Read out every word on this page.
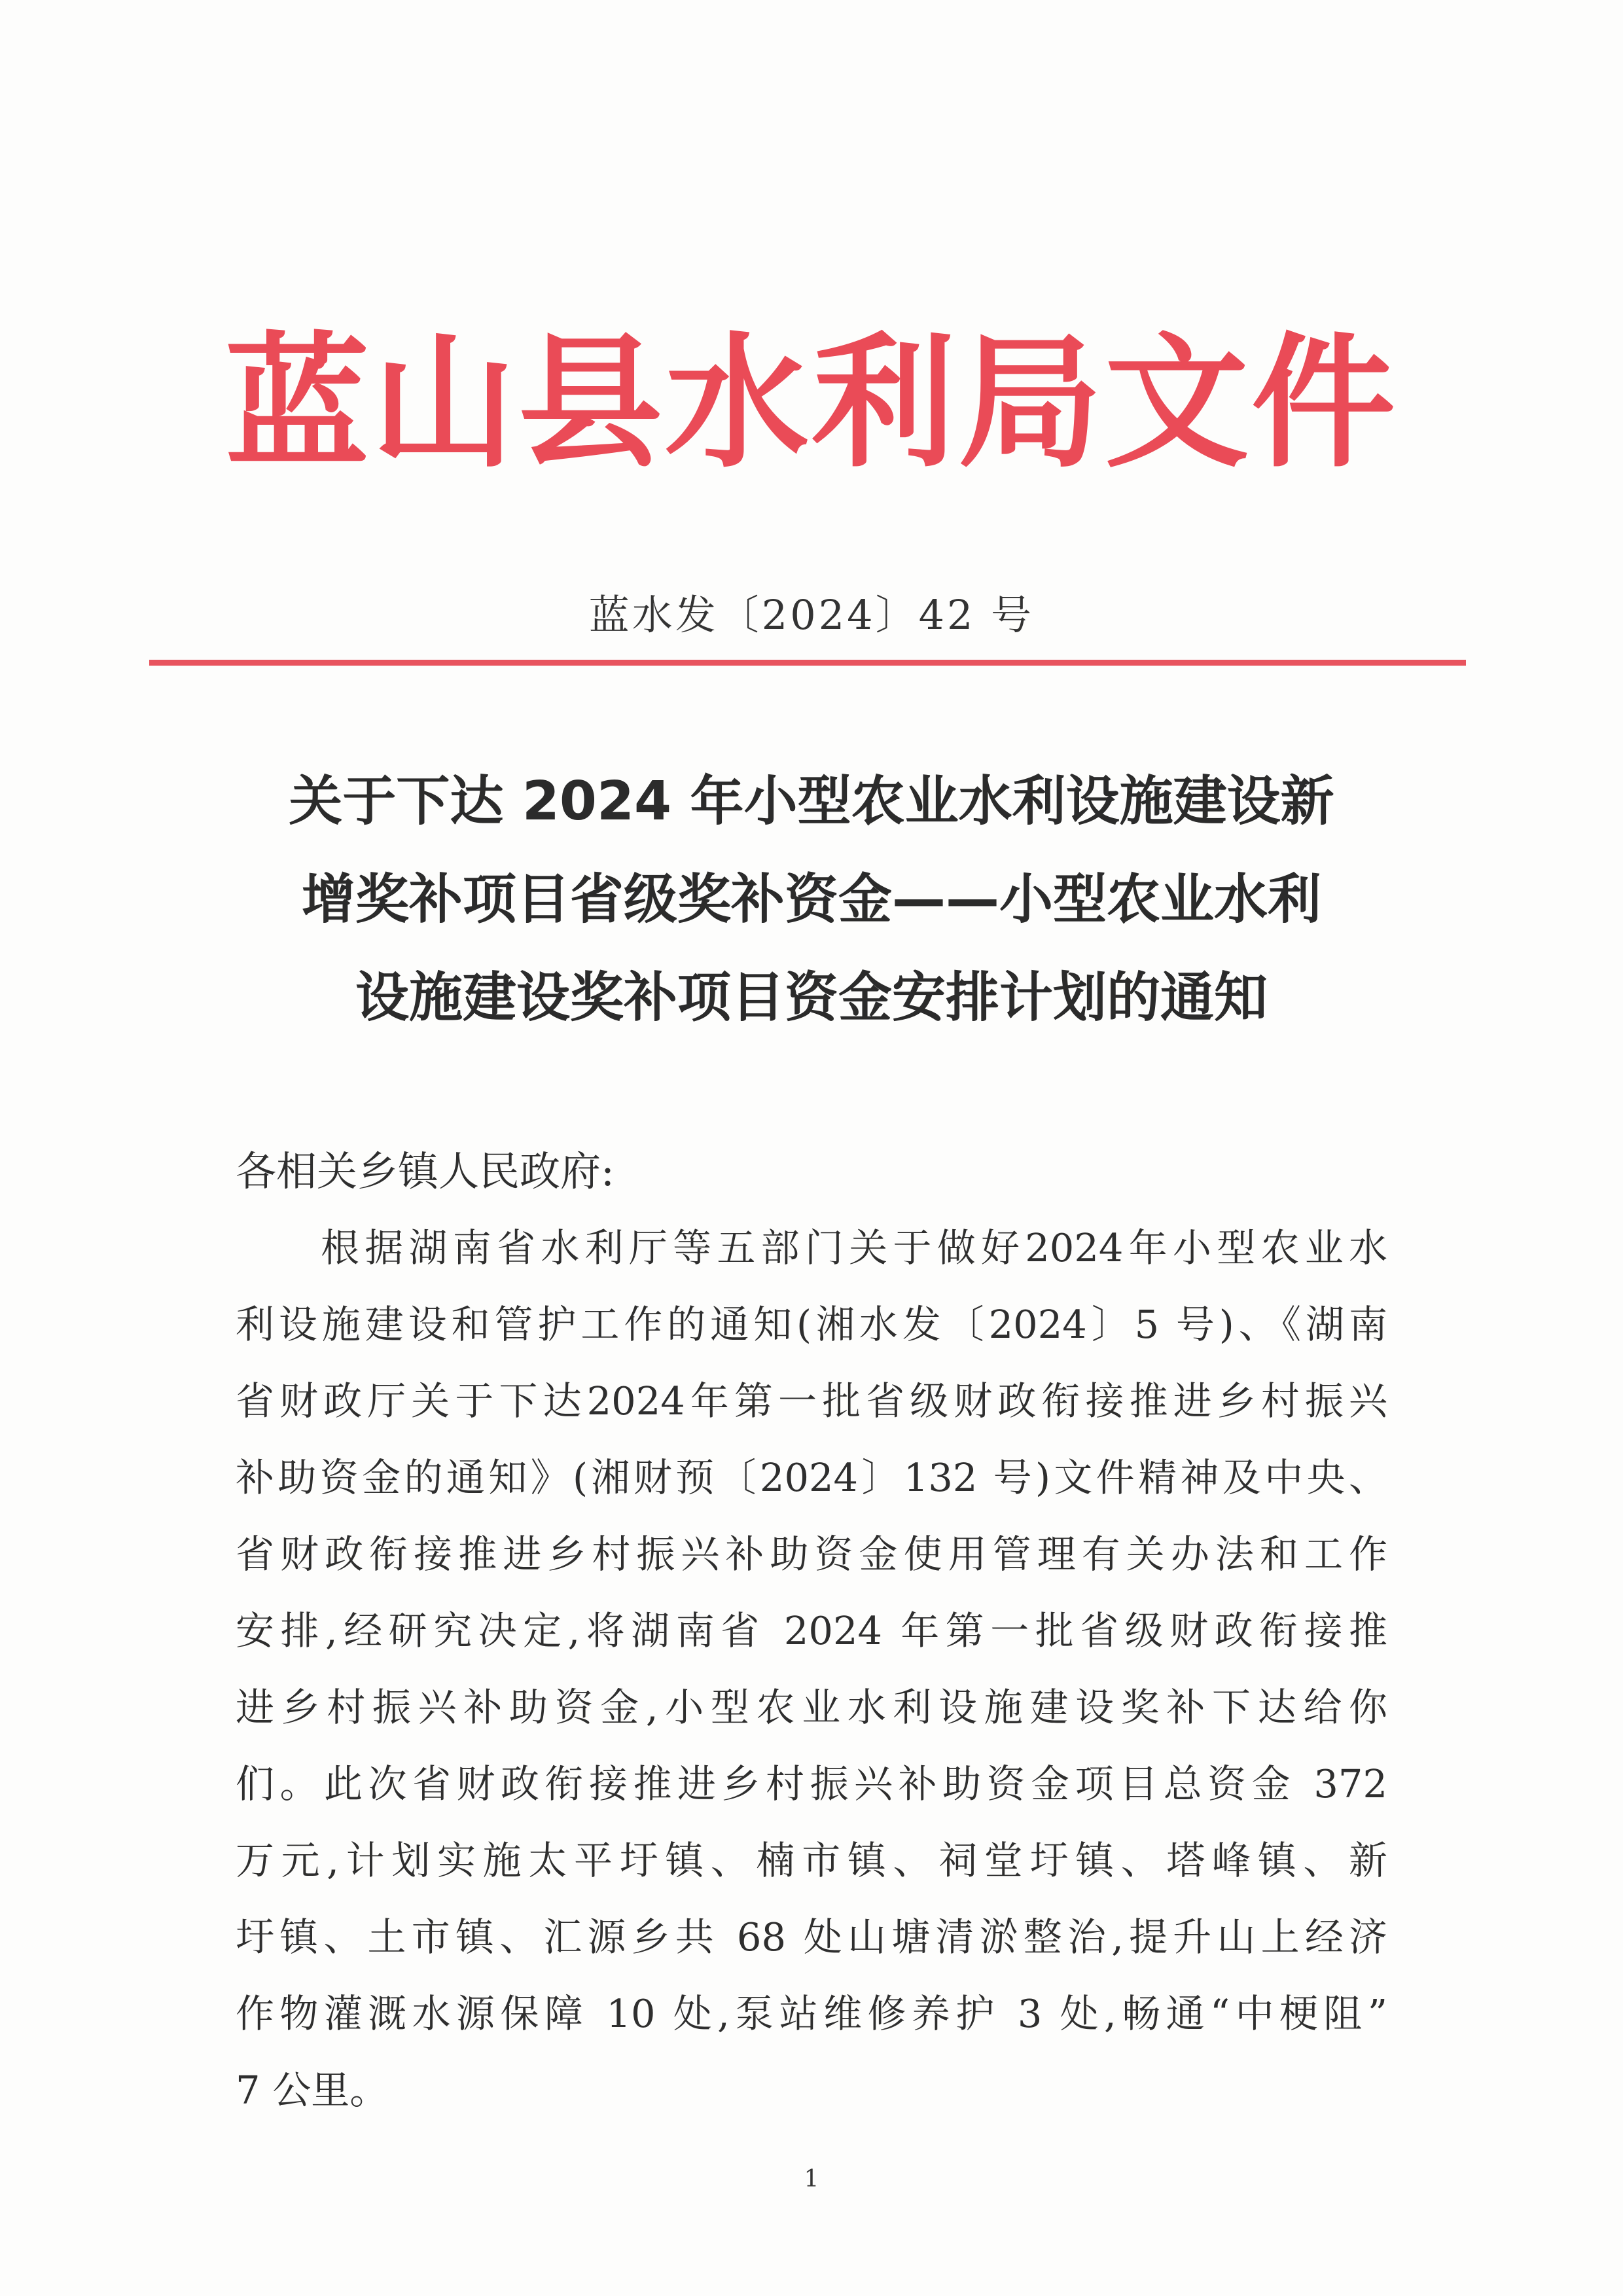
蓝山县水利局文件
蓝水发〔2024〕42 号
关于下达 2024 年小型农业水利设施建设新
增奖补项目省级奖补资金——小型农业水利
设施建设奖补项目资金安排计划的通知

各相关乡镇人民政府:

根据湖南省水利厅等五部门关于做好2024年小型农业水
利设施建设和管护工作的通知(湘水发〔2024〕5 号)、《湖南
省财政厅关于下达2024年第一批省级财政衔接推进乡村振兴
补助资金的通知》(湘财预〔2024〕132 号)文件精神及中央、
省财政衔接推进乡村振兴补助资金使用管理有关办法和工作
安排,经研究决定,将湖南省 2024 年第一批省级财政衔接推
进乡村振兴补助资金,小型农业水利设施建设奖补下达给你
们。此次省财政衔接推进乡村振兴补助资金项目总资金 372
万元,计划实施太平圩镇、楠市镇、祠堂圩镇、塔峰镇、新
圩镇、土市镇、汇源乡共 68 处山塘清淤整治,提升山上经济
作物灌溉水源保障 10 处,泵站维修养护 3 处,畅通“中梗阻”
7 公里。

1
